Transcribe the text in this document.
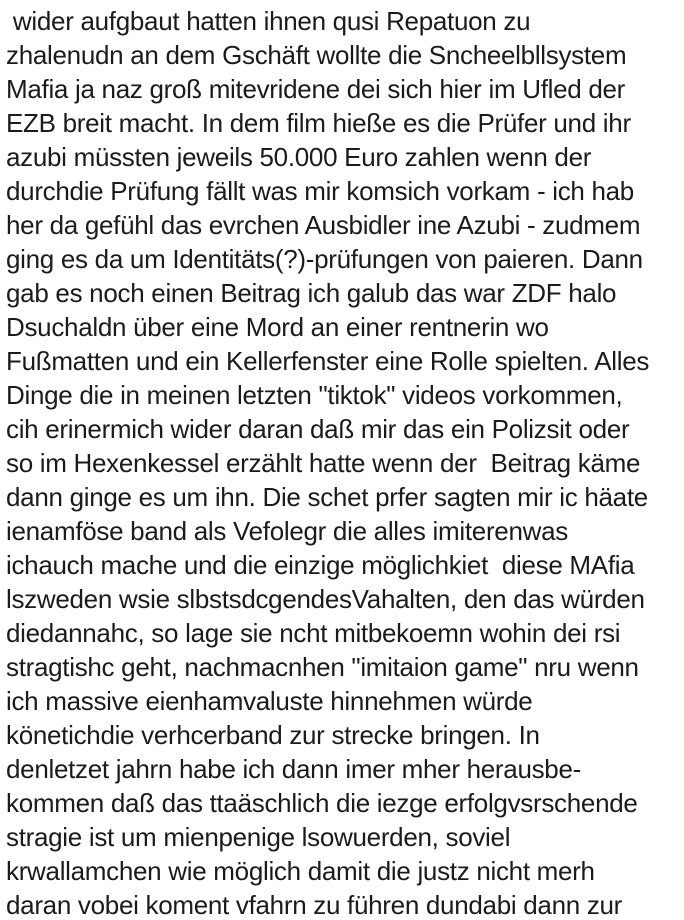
wider aufgbaut hatten ihnen qusi Repatuon zu
zhalenudn an dem Gschäft wollte die Sncheelbllsystem
Mafia ja naz groß mitevridene dei sich hier im Ufled der
EZB breit macht. In dem film hieße es die Prüfer und ihr
azubi müssten jeweils 50.000 Euro zahlen wenn der
durchdie Prüfung fällt was mir komsich vorkam - ich hab
her da gefühl das evrchen Ausbidler ine Azubi - zudmem
ging es da um Identitäts(?)-prüfungen von paieren. Dann
gab es noch einen Beitrag ich galub das war ZDF halo
Dsuchaldn über eine Mord an einer rentnerin wo
Fußmatten und ein Kellerfenster eine Rolle spielten. Alles
Dinge die in meinen letzten "tiktok" videos vorkommen,
cih erinermich wider daran daß mir das ein Polizsit oder
so im Hexenkessel erzählt hatte wenn der  Beitrag käme
dann ginge es um ihn. Die schet prfer sagten mir ic häate
ienamföse band als Vefolegr die alles imiterenwas
ichauch mache und die einzige möglichkiet  diese MAfia
lszweden wsie slbstsdcgendesVahalten, den das würden
diedannahc, so lage sie ncht mitbekoemn wohin dei rsi
stragtishc geht, nachmacnhen "imitaion game" nru wenn
ich massive eienhamvaluste hinnehmen würde
könetichdie verhcerband zur strecke bringen. In
denletzet jahrn habe ich dann imer mher herausbe-
kommen daß das ttaäschlich die iezge erfolgvsrschende
stragie ist um mienpenige lsowuerden, soviel
krwallamchen wie möglich damit die justz nicht merh
daran vobei koment vfahrn zu führen dundabi dann zur
